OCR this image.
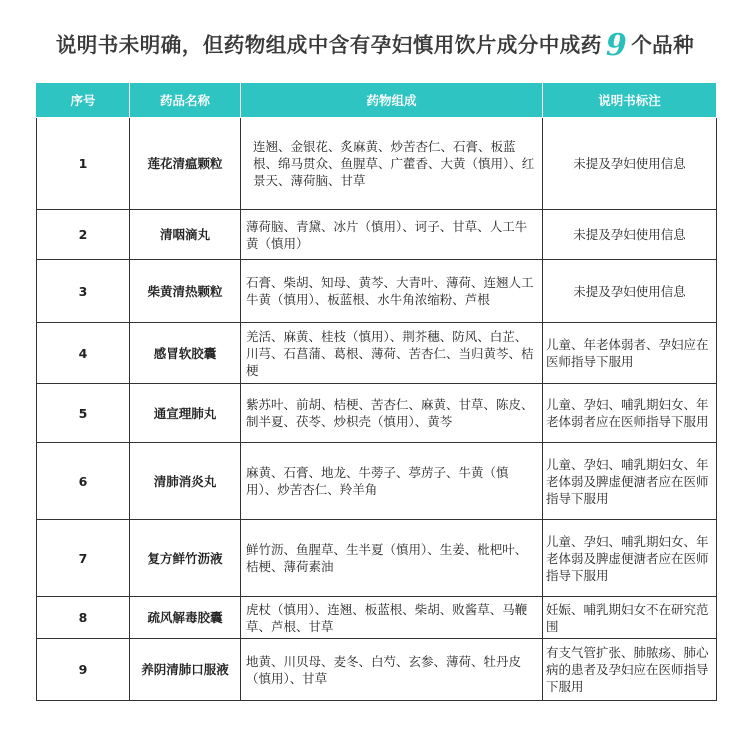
说明书未明确，但药物组成中含有孕妇慎用饮片成分中成药 9 个品种
序号	药品名称	药物组成	说明书标注
1	莲花清瘟颗粒	连翘、金银花、炙麻黄、炒苦杏仁、石膏、板蓝根、绵马贯众、鱼腥草、广藿香、大黄（慎用）、红景天、薄荷脑、甘草	未提及孕妇使用信息
2	清咽滴丸	薄荷脑、青黛、冰片（慎用）、诃子、甘草、人工牛黄（慎用）	未提及孕妇使用信息
3	柴黄清热颗粒	石膏、柴胡、知母、黄芩、大青叶、薄荷、连翘人工牛黄（慎用）、板蓝根、水牛角浓缩粉、芦根	未提及孕妇使用信息
4	感冒软胶囊	羌活、麻黄、桂枝（慎用）、荆芥穗、防风、白芷、川芎、石菖蒲、葛根、薄荷、苦杏仁、当归黄芩、桔梗	儿童、年老体弱者、孕妇应在医师指导下服用
5	通宣理肺丸	紫苏叶、前胡、桔梗、苦杏仁、麻黄、甘草、陈皮、制半夏、茯苓、炒枳壳（慎用）、黄芩	儿童、孕妇、哺乳期妇女、年老体弱者应在医师指导下服用
6	清肺消炎丸	麻黄、石膏、地龙、牛蒡子、葶苈子、牛黄（慎用）、炒苦杏仁、羚羊角	儿童、孕妇、哺乳期妇女、年老体弱及脾虚便溏者应在医师指导下服用
7	复方鲜竹沥液	鲜竹沥、鱼腥草、生半夏（慎用）、生姜、枇杷叶、桔梗、薄荷素油	儿童、孕妇、哺乳期妇女、年老体弱及脾虚便溏者应在医师指导下服用
8	疏风解毒胶囊	虎杖（慎用）、连翘、板蓝根、柴胡、败酱草、马鞭草、芦根、甘草	妊娠、哺乳期妇女不在研究范围
9	养阴清肺口服液	地黄、川贝母、麦冬、白芍、玄参、薄荷、牡丹皮（慎用）、甘草	有支气管扩张、肺脓疡、肺心病的患者及孕妇应在医师指导下服用
